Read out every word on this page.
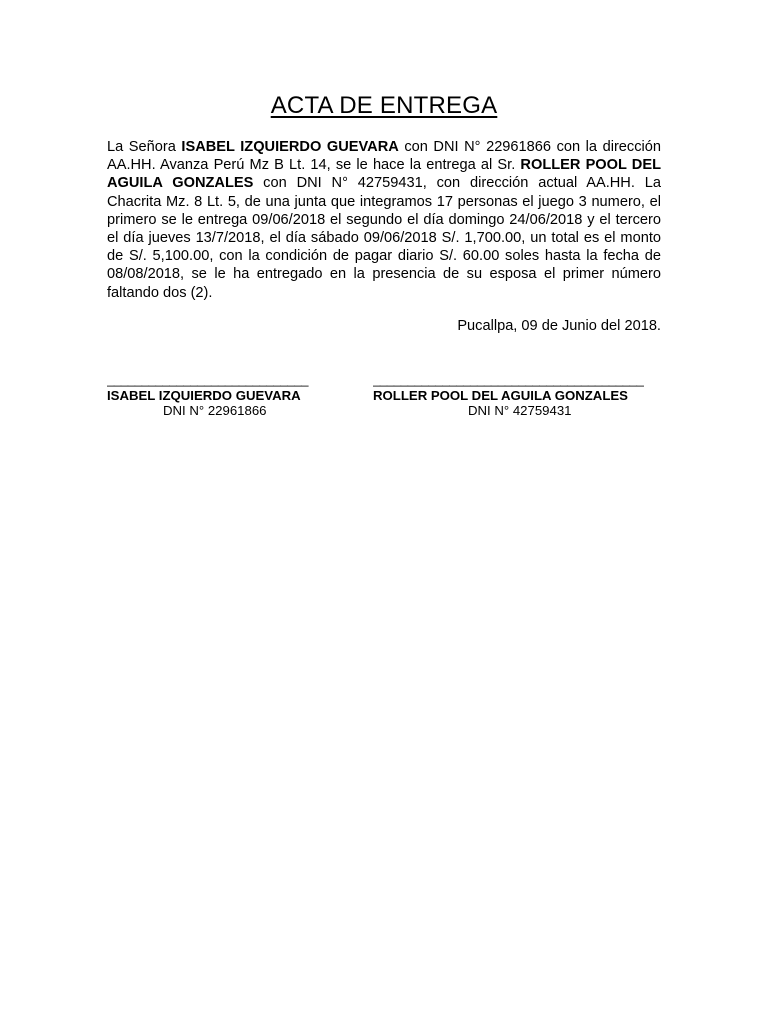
ACTA DE ENTREGA

La Señora ISABEL IZQUIERDO GUEVARA con DNI N° 22961866 con la dirección AA.HH. Avanza Perú Mz B Lt. 14, se le hace la entrega al Sr. ROLLER POOL DEL AGUILA GONZALES con DNI N° 42759431, con dirección actual AA.HH. La Chacrita Mz. 8 Lt. 5, de una junta que integramos 17 personas el juego 3 numero, el primero se le entrega 09/06/2018 el segundo el día domingo 24/06/2018 y el tercero el día jueves 13/7/2018, el día sábado 09/06/2018 S/. 1,700.00, un total es el monto de S/. 5,100.00, con la condición de pagar diario S/. 60.00 soles hasta la fecha de 08/08/2018, se le ha entregado en la presencia de su esposa el primer número faltando dos (2).

Pucallpa, 09 de Junio del 2018.
_____________________________
ISABEL IZQUIERDO GUEVARA
DNI N° 22961866
_______________________________________
ROLLER POOL DEL AGUILA GONZALES
DNI N° 42759431
